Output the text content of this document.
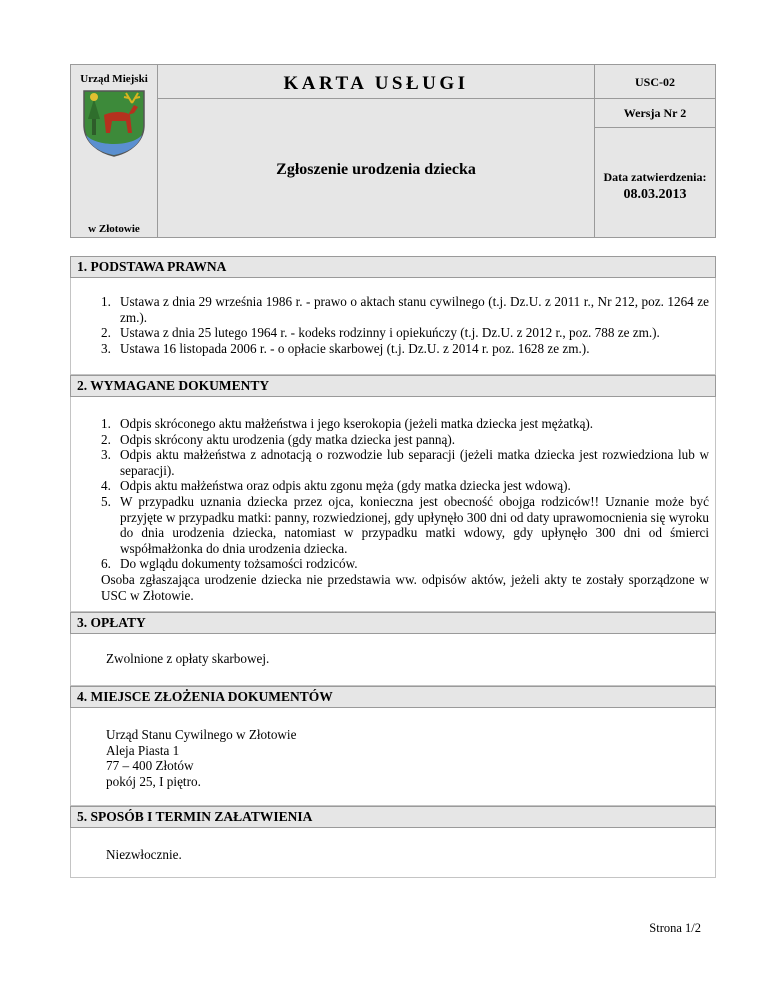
Urząd Miejski
w Złotowie
KARTA USŁUGI
Zgłoszenie urodzenia dziecka
USC-02
Wersja Nr 2
Data zatwierdzenia:
08.03.2013
1. PODSTAWA PRAWNA
1. Ustawa z dnia 29 września 1986 r. - prawo o aktach stanu cywilnego (t.j. Dz.U. z 2011 r., Nr 212, poz. 1264 ze zm.).
2. Ustawa z dnia 25 lutego 1964 r. - kodeks rodzinny i opiekuńczy (t.j. Dz.U. z 2012 r., poz. 788 ze zm.).
3. Ustawa 16 listopada 2006 r. - o opłacie skarbowej (t.j. Dz.U. z 2014 r. poz. 1628 ze zm.).
2. WYMAGANE DOKUMENTY
1. Odpis skróconego aktu małżeństwa i jego kserokopia (jeżeli matka dziecka jest mężatką).
2. Odpis skrócony aktu urodzenia (gdy matka dziecka jest panną).
3. Odpis aktu małżeństwa z adnotacją o rozwodzie lub separacji (jeżeli matka dziecka jest rozwiedziona lub w separacji).
4. Odpis aktu małżeństwa oraz odpis aktu zgonu męża (gdy matka dziecka jest wdową).
5. W przypadku uznania dziecka przez ojca, konieczna jest obecność obojga rodziców!! Uznanie może być przyjęte w przypadku matki: panny, rozwiedzionej, gdy upłynęło 300 dni od daty uprawomocnienia się wyroku do dnia urodzenia dziecka, natomiast w przypadku matki wdowy, gdy upłynęło 300 dni od śmierci współmałżonka do dnia urodzenia dziecka.
6. Do wglądu dokumenty tożsamości rodziców.
Osoba zgłaszająca urodzenie dziecka nie przedstawia ww. odpisów aktów, jeżeli akty te zostały sporządzone w USC w Złotowie.
3. OPŁATY
Zwolnione z opłaty skarbowej.
4. MIEJSCE ZŁOŻENIA DOKUMENTÓW
Urząd Stanu Cywilnego w Złotowie
Aleja Piasta 1
77 – 400 Złotów
pokój 25, I piętro.
5. SPOSÓB I TERMIN ZAŁATWIENIA
Niezwłocznie.
Strona 1/2
